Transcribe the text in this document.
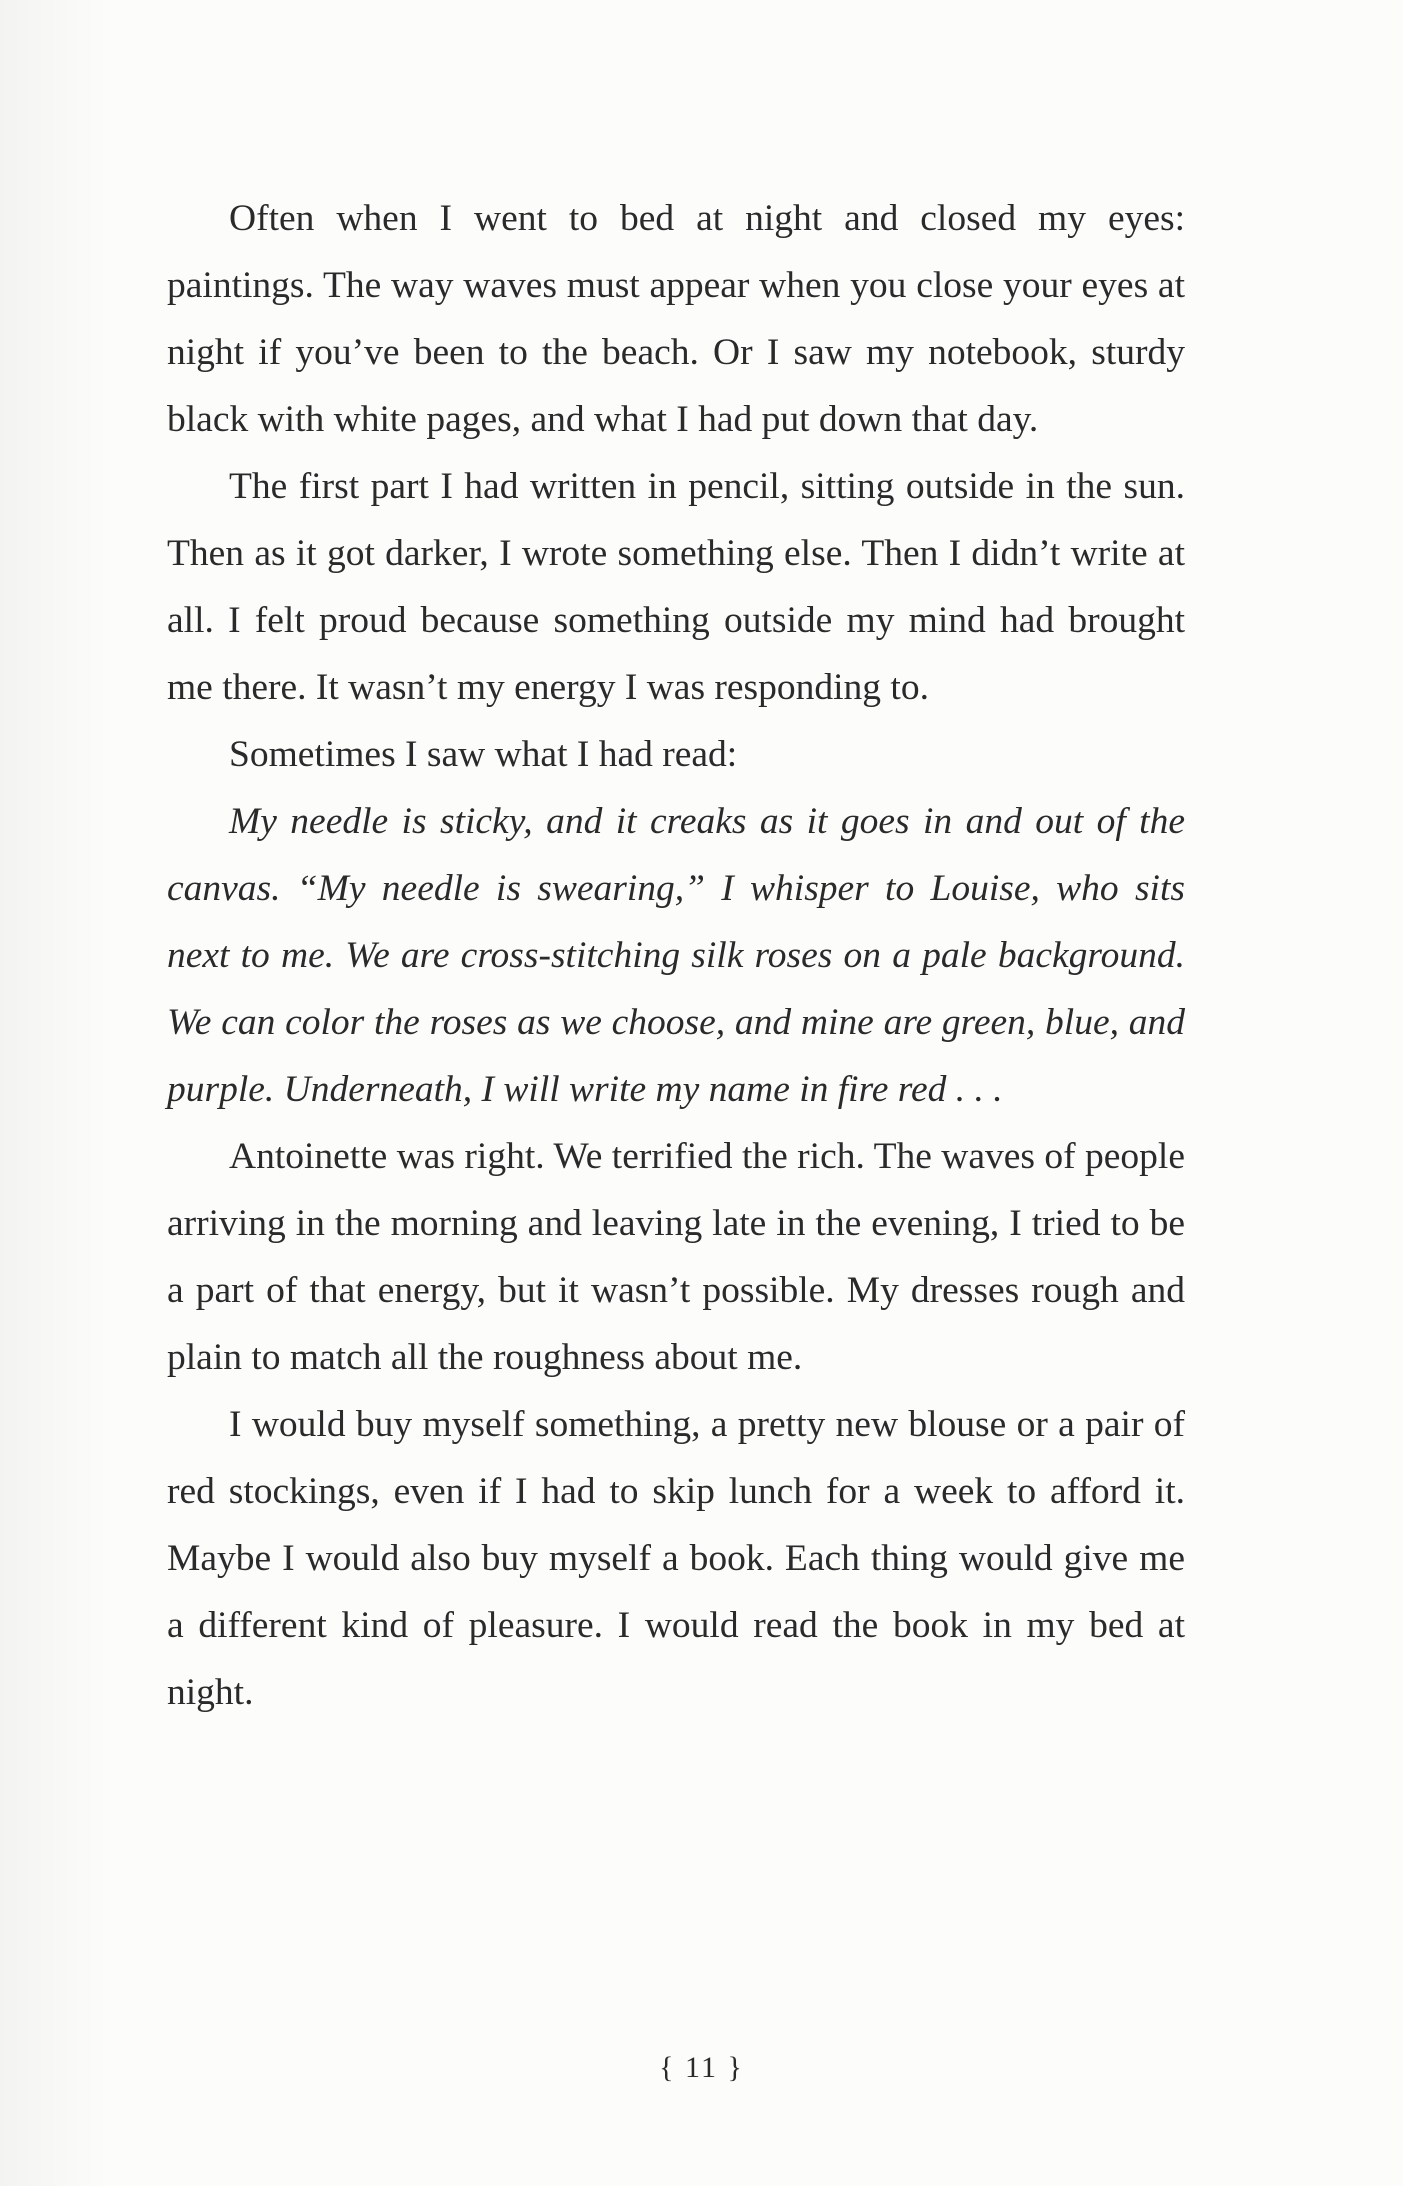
Often when I went to bed at night and closed my eyes: paintings. The way waves must appear when you close your eyes at night if you’ve been to the beach. Or I saw my notebook, sturdy black with white pages, and what I had put down that day.

The first part I had written in pencil, sitting outside in the sun. Then as it got darker, I wrote something else. Then I didn’t write at all. I felt proud because something outside my mind had brought me there. It wasn’t my energy I was responding to.

Sometimes I saw what I had read:

My needle is sticky, and it creaks as it goes in and out of the canvas. “My needle is swearing,” I whisper to Louise, who sits next to me. We are cross-stitching silk roses on a pale background. We can color the roses as we choose, and mine are green, blue, and purple. Underneath, I will write my name in fire red . . .

Antoinette was right. We terrified the rich. The waves of people arriving in the morning and leaving late in the evening, I tried to be a part of that energy, but it wasn’t possible. My dresses rough and plain to match all the roughness about me.

I would buy myself something, a pretty new blouse or a pair of red stockings, even if I had to skip lunch for a week to afford it. Maybe I would also buy myself a book. Each thing would give me a different kind of pleasure. I would read the book in my bed at night.

{ 11 }
